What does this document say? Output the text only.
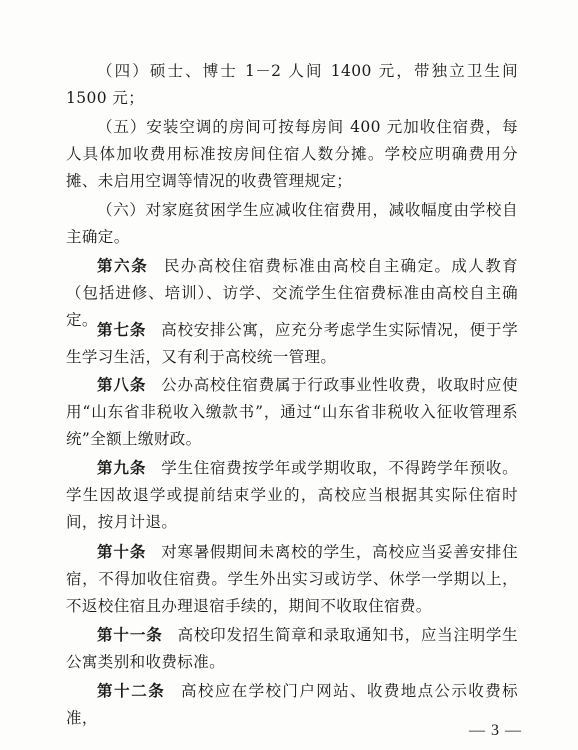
（四）硕士、博士 1－2 人间 1400 元，带独立卫生间 1500 元；

（五）安装空调的房间可按每房间 400 元加收住宿费，每人具体加收费用标准按房间住宿人数分摊。学校应明确费用分摊、未启用空调等情况的收费管理规定；

（六）对家庭贫困学生应减收住宿费用，减收幅度由学校自主确定。

第六条 民办高校住宿费标准由高校自主确定。成人教育（包括进修、培训）、访学、交流学生住宿费标准由高校自主确定。

第七条 高校安排公寓，应充分考虑学生实际情况，便于学生学习生活，又有利于高校统一管理。

第八条 公办高校住宿费属于行政事业性收费，收取时应使用“山东省非税收入缴款书”，通过“山东省非税收入征收管理系统”全额上缴财政。

第九条 学生住宿费按学年或学期收取，不得跨学年预收。学生因故退学或提前结束学业的，高校应当根据其实际住宿时间，按月计退。

第十条 对寒暑假期间未离校的学生，高校应当妥善安排住宿，不得加收住宿费。学生外出实习或访学、休学一学期以上，不返校住宿且办理退宿手续的，期间不收取住宿费。

第十一条 高校印发招生简章和录取通知书，应当注明学生公寓类别和收费标准。

第十二条 高校应在学校门户网站、收费地点公示收费标准，

— 3 —
